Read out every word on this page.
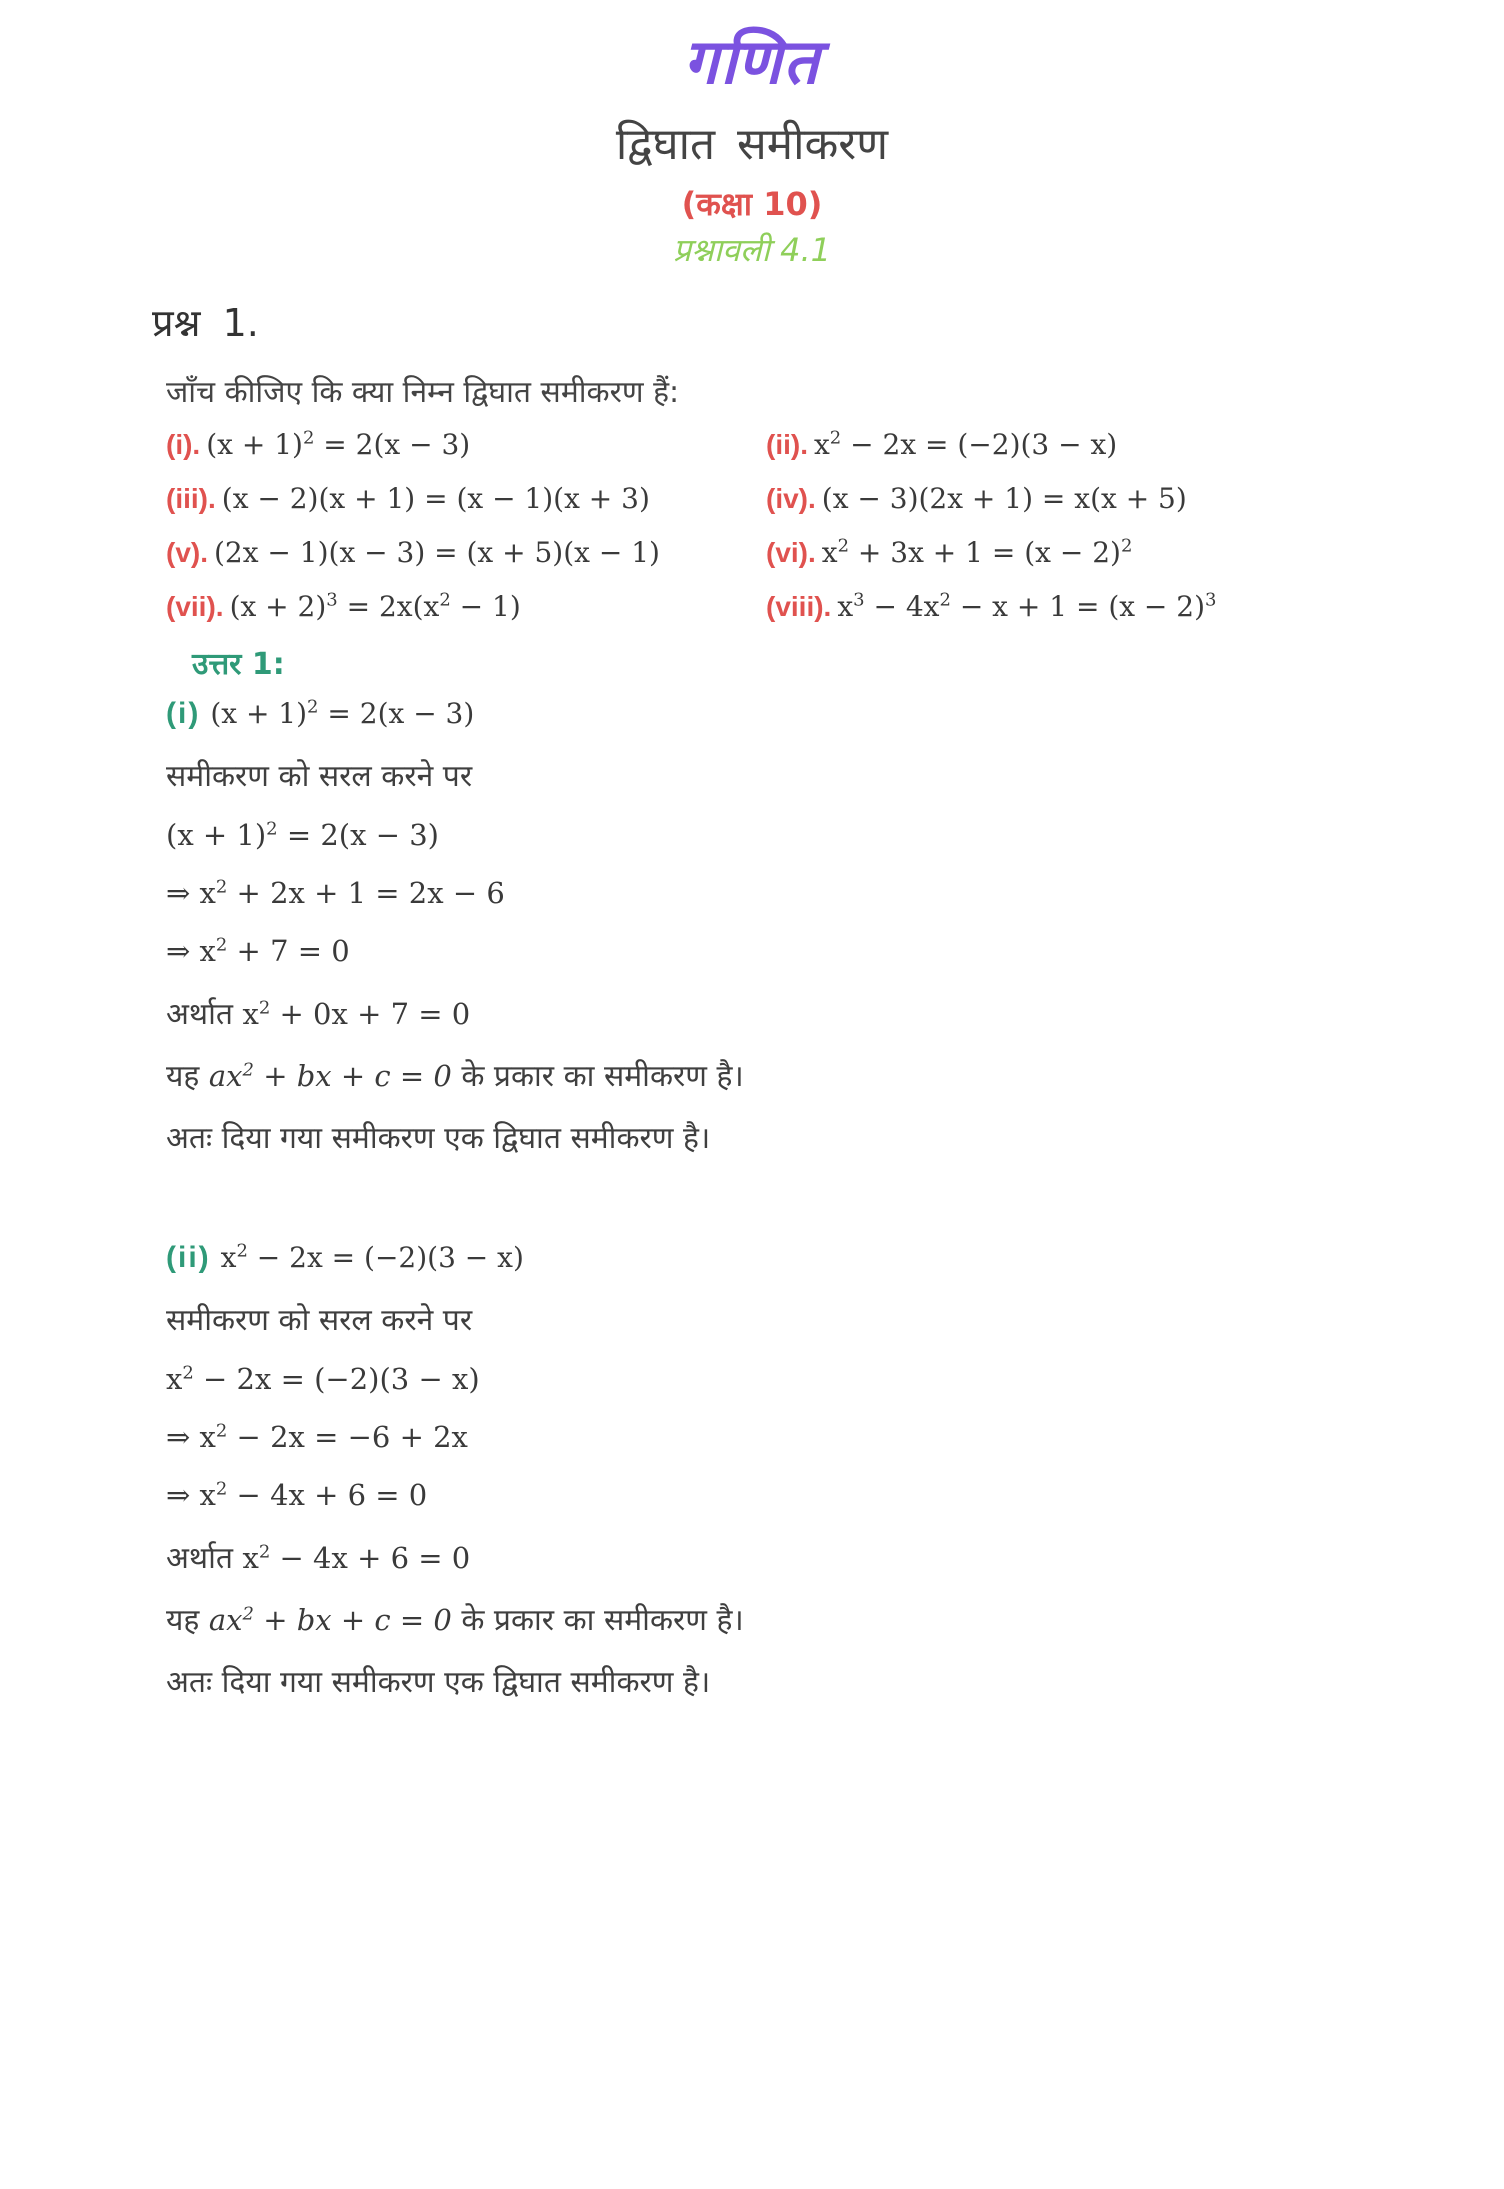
गणित
द्विघात समीकरण
(कक्षा 10)
प्रश्नावली 4.1
प्रश्न 1.
जाँच कीजिए कि क्या निम्न द्विघात समीकरण हैं:
(i). $(x + 1)^2 = 2(x - 3)$	(ii). $x^2 - 2x = (-2)(3 - x)$
(iii). (x − 2)(x + 1) = (x − 1)(x + 3)	(iv). (x − 3)(2x + 1) = x(x + 5)
(v). (2x − 1)(x − 3) = (x + 5)(x − 1)	(vi). $x^2 + 3x + 1 = (x - 2)^2$
(vii). $(x + 2)^3 = 2x(x^2 - 1)$	(viii). $x^3 - 4x^2 - x + 1 = (x - 2)^3$
उत्तर 1:
(i) $(x + 1)^2 = 2(x - 3)$
समीकरण को सरल करने पर
$(x + 1)^2 = 2(x - 3)$
⇒ $x^2 + 2x + 1 = 2x - 6$
⇒ $x^2 + 7 = 0$
अर्थात $x^2 + 0x + 7 = 0$
यह $ax^2$ + bx + c = 0 के प्रकार का समीकरण है।
अतः दिया गया समीकरण एक द्विघात समीकरण है।
(ii) $x^2 - 2x = (-2)(3 - x)$
समीकरण को सरल करने पर
$x^2 - 2x = (-2)(3 - x)$
⇒ $x^2 - 2x = -6 + 2x$
⇒ $x^2 - 4x + 6 = 0$
अर्थात $x^2 - 4x + 6 = 0$
यह $ax^2$ + bx + c = 0 के प्रकार का समीकरण है।
अतः दिया गया समीकरण एक द्विघात समीकरण है।
